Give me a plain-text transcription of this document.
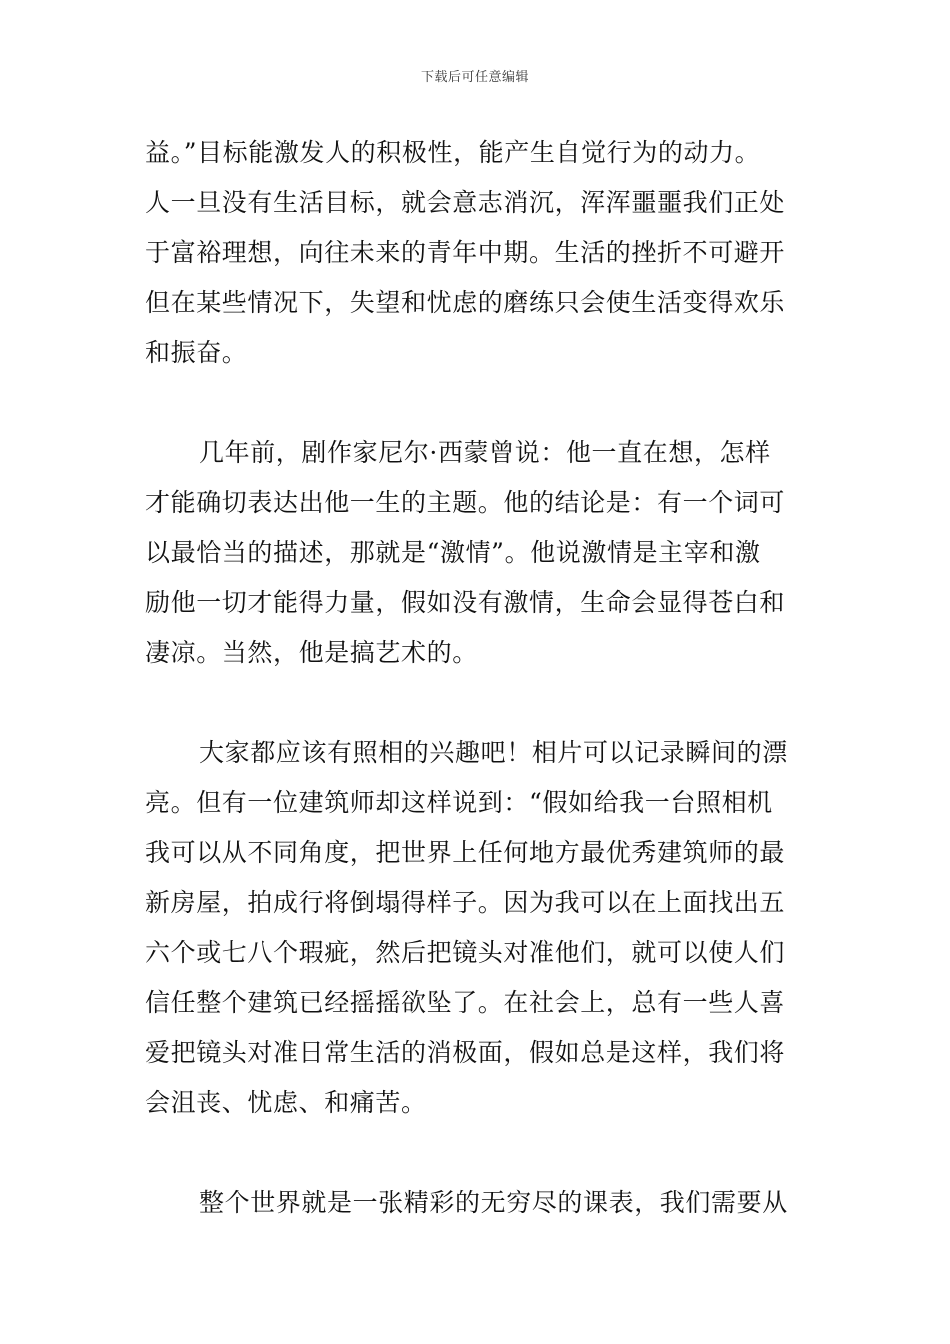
下载后可任意编辑
益。”目标能激发人的积极性，能产生自觉行为的动力。
人一旦没有生活目标，就会意志消沉，浑浑噩噩我们正处
于富裕理想，向往未来的青年中期。生活的挫折不可避开
但在某些情况下，失望和忧虑的磨练只会使生活变得欢乐
和振奋。
几年前，剧作家尼尔·西蒙曾说：他一直在想，怎样
才能确切表达出他一生的主题。他的结论是：有一个词可
以最恰当的描述，那就是“激情”。他说激情是主宰和激
励他一切才能得力量，假如没有激情，生命会显得苍白和
凄凉。当然，他是搞艺术的。
大家都应该有照相的兴趣吧！相片可以记录瞬间的漂
亮。但有一位建筑师却这样说到：“假如给我一台照相机
我可以从不同角度，把世界上任何地方最优秀建筑师的最
新房屋，拍成行将倒塌得样子。因为我可以在上面找出五
六个或七八个瑕疵，然后把镜头对准他们，就可以使人们
信任整个建筑已经摇摇欲坠了。在社会上，总有一些人喜
爱把镜头对准日常生活的消极面，假如总是这样，我们将
会沮丧、忧虑、和痛苦。
整个世界就是一张精彩的无穷尽的课表，我们需要从
